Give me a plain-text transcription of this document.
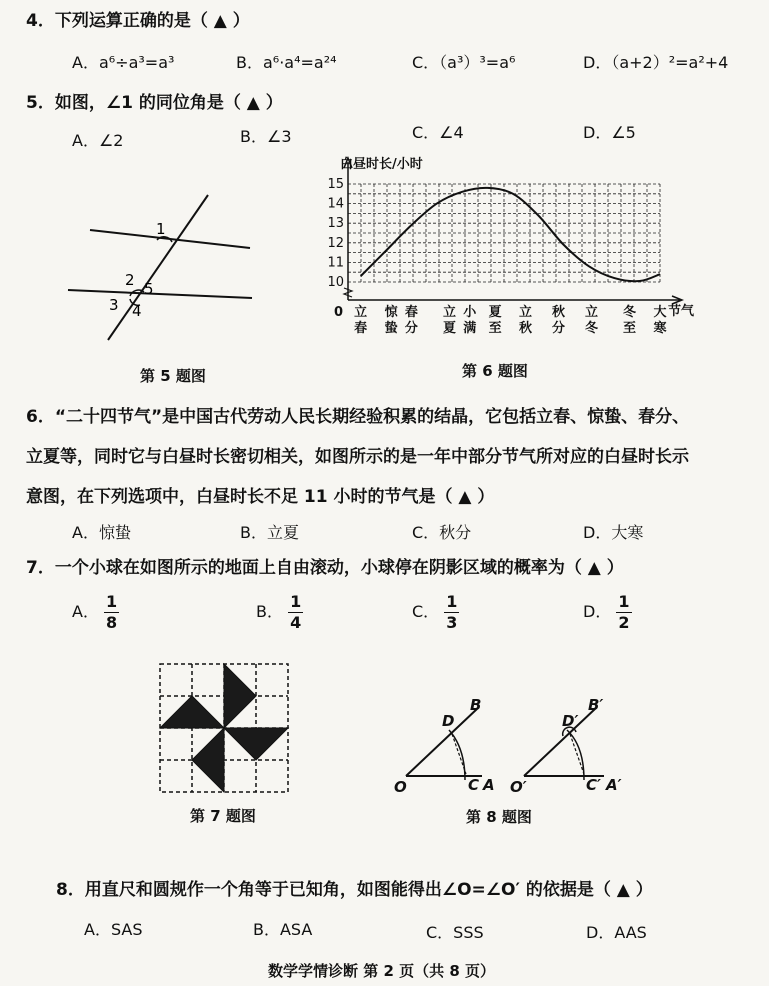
4．下列运算正确的是（ ▲ ）
A．a⁶÷a³=a³	B．a⁶·a⁴=a²⁴	C．（a³）³=a⁶	D．（a+2）²=a²+4
5．如图，∠1 的同位角是（ ▲ ）
A．∠2	B．∠3	C．∠4	D．∠5
1
2
3 4
5
第 5 题图
白昼时长/小时
节气
0
10
11
12
13
14
15
立春
惊蛰
春分
立夏
小满
夏至
立秋
秋分
立冬
冬至
大寒
第 6 题图
6．“二十四节气”是中国古代劳动人民长期经验积累的结晶，它包括立春、惊蛰、春分、
立夏等，同时它与白昼时长密切相关，如图所示的是一年中部分节气所对应的白昼时长示
意图，在下列选项中，白昼时长不足 11 小时的节气是（ ▲ ）
A．惊蛰	B．立夏	C．秋分	D．大寒
7．一个小球在如图所示的地面上自由滚动，小球停在阴影区域的概率为（ ▲ ）
A． $\frac{1}{8}$	B． $\frac{1}{4}$	C． $\frac{1}{3}$	D． $\frac{1}{2}$
第 7 题图
O
D
B
C A O′
D′
B′
C′ A′
第 8 题图
8．用直尺和圆规作一个角等于已知角，如图能得出∠O=∠O′ 的依据是（ ▲ ）
A．SAS	B．ASA	C．SSS	D．AAS
数学学情诊断 第 2 页（共 8 页）
